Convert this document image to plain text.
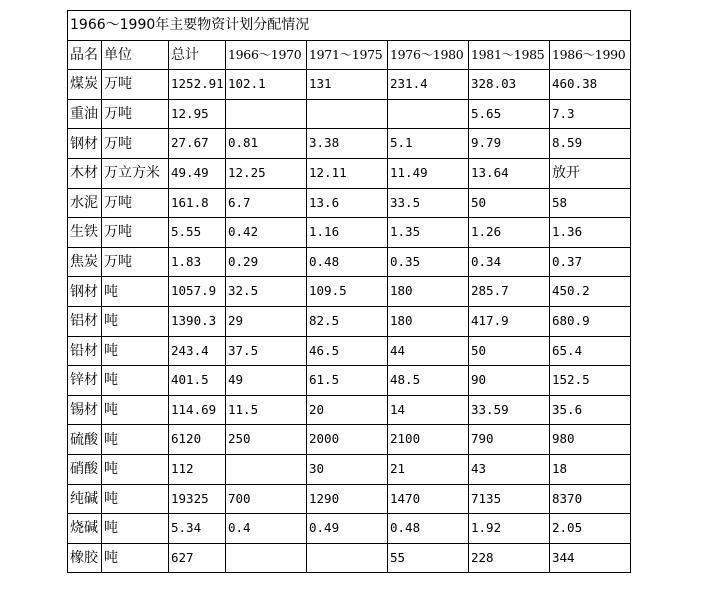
1966～1990年主要物资计划分配情况							
品名	单位	总计	1966～1970	1971～1975	1976～1980	1981～1985	1986～1990
煤炭	万吨	1252.91	102.1	131	231.4	328.03	460.38
重油	万吨	12.95				5.65	7.3
钢材	万吨	27.67	0.81	3.38	5.1	9.79	8.59
木材	万立方米	49.49	12.25	12.11	11.49	13.64	放开
水泥	万吨	161.8	6.7	13.6	33.5	50	58
生铁	万吨	5.55	0.42	1.16	1.35	1.26	1.36
焦炭	万吨	1.83	0.29	0.48	0.35	0.34	0.37
钢材	吨	1057.9	32.5	109.5	180	285.7	450.2
铝材	吨	1390.3	29	82.5	180	417.9	680.9
铅材	吨	243.4	37.5	46.5	44	50	65.4
锌材	吨	401.5	49	61.5	48.5	90	152.5
锡材	吨	114.69	11.5	20	14	33.59	35.6
硫酸	吨	6120	250	2000	2100	790	980
硝酸	吨	112		30	21	43	18
纯碱	吨	19325	700	1290	1470	7135	8370
烧碱	吨	5.34	0.4	0.49	0.48	1.92	2.05
橡胶	吨	627			55	228	344
